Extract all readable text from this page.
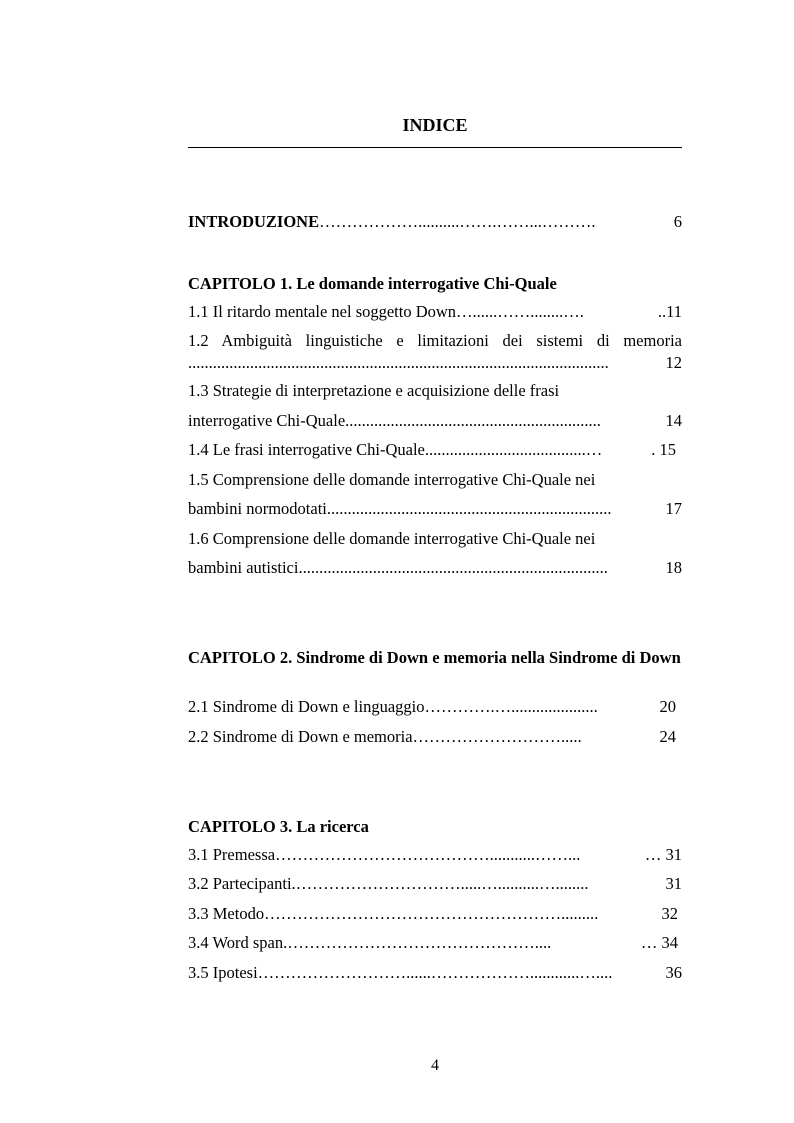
INDICE
INTRODUZIONE………………..........…….……...……….	6
CAPITOLO 1. Le domande interrogative Chi-Quale
1.1 Il ritardo mentale nel soggetto Down…......……........….	..11
1.2 Ambiguità linguistiche e limitazioni dei sistemi di memoria
......................................................................................................	12
1.3 Strategie di interpretazione e acquisizione delle frasi
interrogative Chi-Quale..............................................................	14
1.4 Le frasi interrogative Chi-Quale.......................................…	. 15
1.5 Comprensione delle domande interrogative Chi-Quale nei
bambini normodotati.....................................................................	17
1.6 Comprensione delle domande interrogative Chi-Quale nei
bambini autistici...........................................................................	18
CAPITOLO 2. Sindrome di Down e memoria nella Sindrome di Down
2.1 Sindrome di Down e linguaggio………….….....................	20
2.2 Sindrome di Down e memoria……………………….....	24
CAPITOLO 3. La ricerca
3.1 Premessa…………………………………...........……...	… 31
3.2 Partecipanti.………………………….....…..........…........	31
3.3 Metodo……………………………………………….........	32
3.4 Word span.………………………………………....	… 34
3.5 Ipotesi………………………......………………............…....	36
4
